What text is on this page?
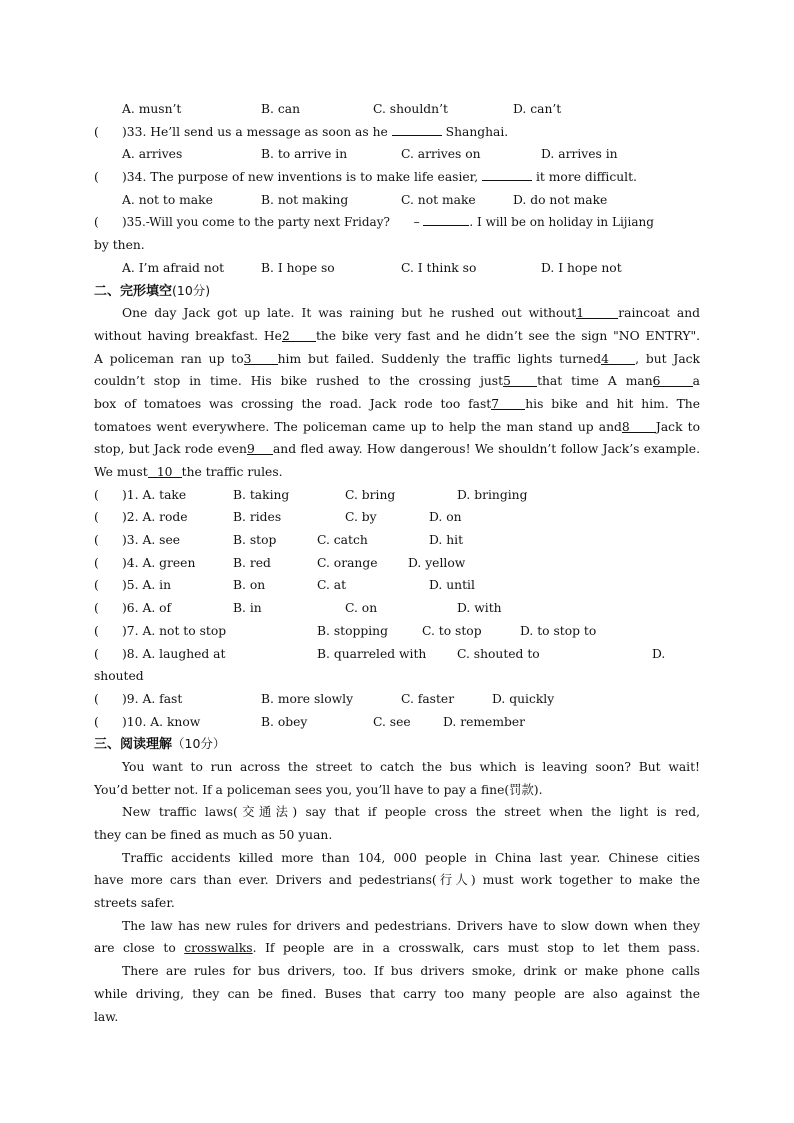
A. musn’t	B. can	C. shouldn’t	D. can’t
( )33. He’ll send us a message as soon as he	Shanghai.
A. arrives	B. to arrive in	C. arrives on	D. arrives in
( )34. The purpose of new inventions is to make life easier,	it more difficult.
A. not to make	B. not making	C. not make	D. do not make
( )35.-Will you come to the party next Friday? –	. I will be on holiday in Lijiang
by then.
A. I’m afraid not	B. I hope so	C. I think so	D. I hope not
二、完形填空(10分)
One day Jack got up late. It was raining but he rushed out without1	raincoat and
without having breakfast. He2 the bike very fast and he didn’t see the sign "NO ENTRY".
A policeman ran up to3 him but failed. Suddenly the traffic lights turned4 , but Jack
couldn’t stop in time. His bike rushed to the crossing just5 that time A man6	a
box of tomatoes was crossing the road. Jack rode too fast7 his bike and hit him. The
tomatoes went everywhere. The policeman came up to help the man stand up and8 Jack to
stop, but Jack rode even9 and fled away. How dangerous! We shouldn’t follow Jack’s example.
We must 10 the traffic rules.
( )1. A. take	B. taking	C. bring	D. bringing
( )2. A. rode	B. rides	C. by	D. on
( )3. A. see	B. stop	C. catch	D. hit
( )4. A. green	B. red	C. orange D. yellow
( )5. A. in	B. on	C. at	D. until
( )6. A. of	B. in	C. on	D. with
( )7. A. not to stop	B. stopping	C. to stop	D. to stop to
( )8. A. laughed at	B. quarreled with C. shouted to	D.
shouted
( )9. A. fast	B. more slowly	C. faster	D. quickly
( )10. A. know	B. obey	C. see	D. remember
三、阅读理解（10分）
You want to run across the street to catch the bus which is leaving soon? But wait!
You’d better not. If a policeman sees you, you’ll have to pay a fine(罚款).
New traffic laws(交通法) say that if people cross the street when the light is red,
they can be fined as much as 50 yuan.
Traffic accidents killed more than 104, 000 people in China last year. Chinese cities
have more cars than ever. Drivers and pedestrians(行人) must work together to make the
streets safer.
The law has new rules for drivers and pedestrians. Drivers have to slow down when they
are close to crosswalks. If people are in a crosswalk, cars must stop to let them pass.
There are rules for bus drivers, too. If bus drivers smoke, drink or make phone calls
while driving, they can be fined. Buses that carry too many people are also against the
law.
